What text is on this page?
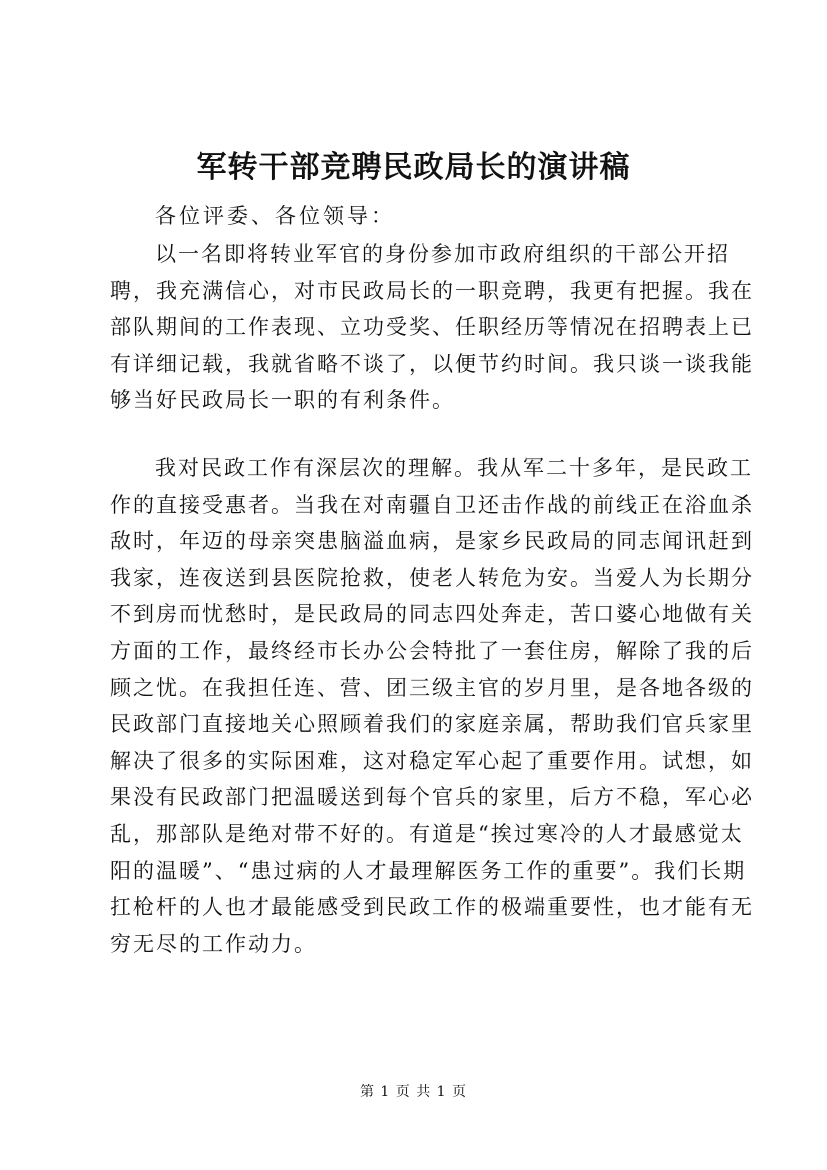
军转干部竞聘民政局长的演讲稿
各位评委、各位领导：
以一名即将转业军官的身份参加市政府组织的干部公开招
聘，我充满信心，对市民政局长的一职竞聘，我更有把握。我在
部队期间的工作表现、立功受奖、任职经历等情况在招聘表上已
有详细记载，我就省略不谈了，以便节约时间。我只谈一谈我能
够当好民政局长一职的有利条件。
我对民政工作有深层次的理解。我从军二十多年，是民政工
作的直接受惠者。当我在对南疆自卫还击作战的前线正在浴血杀
敌时，年迈的母亲突患脑溢血病，是家乡民政局的同志闻讯赶到
我家，连夜送到县医院抢救，使老人转危为安。当爱人为长期分
不到房而忧愁时，是民政局的同志四处奔走，苦口婆心地做有关
方面的工作，最终经市长办公会特批了一套住房，解除了我的后
顾之忧。在我担任连、营、团三级主官的岁月里，是各地各级的
民政部门直接地关心照顾着我们的家庭亲属，帮助我们官兵家里
解决了很多的实际困难，这对稳定军心起了重要作用。试想，如
果没有民政部门把温暖送到每个官兵的家里，后方不稳，军心必
乱，那部队是绝对带不好的。有道是“挨过寒冷的人才最感觉太
阳的温暖”、“患过病的人才最理解医务工作的重要”。我们长期
扛枪杆的人也才最能感受到民政工作的极端重要性，也才能有无
穷无尽的工作动力。
第 1 页 共 1 页
